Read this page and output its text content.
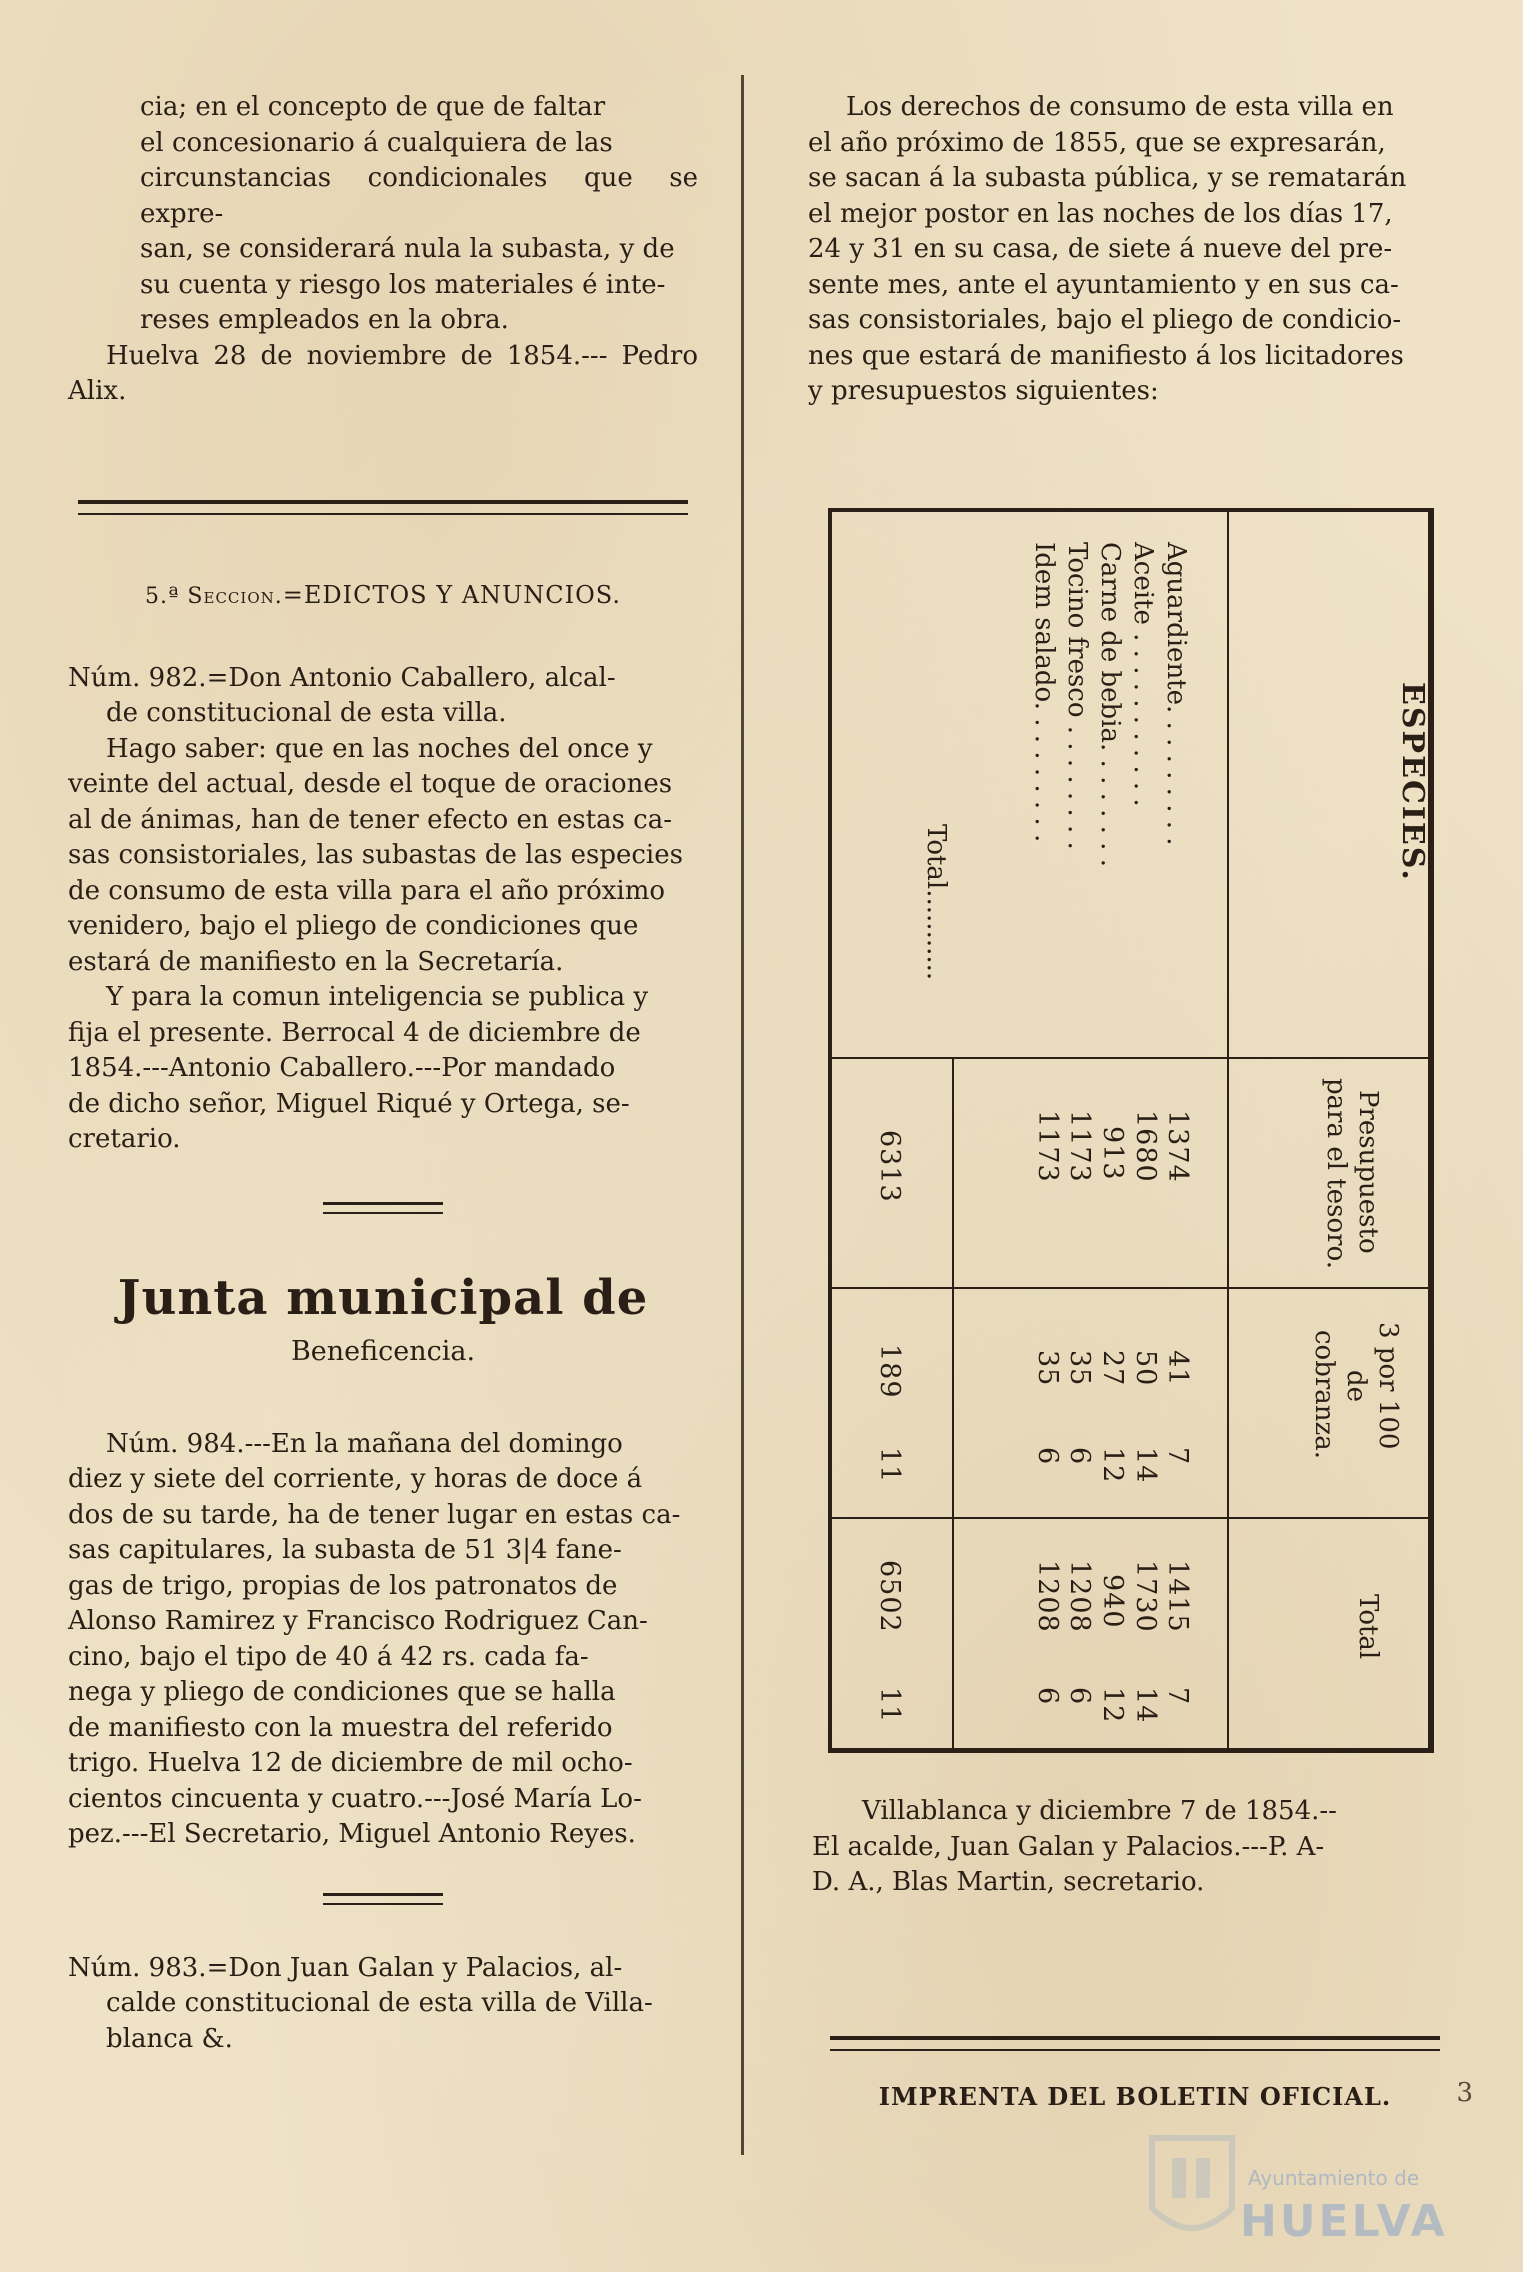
cia; en el concepto de que de faltar

el concesionario á cualquiera de las

circunstancias condicionales que se expre-

san, se considerará nula la subasta, y de

su cuenta y riesgo los materiales é inte-

reses empleados en la obra.

Huelva 28 de noviembre de 1854.--- Pedro Alix.

5.ª Seccion.=EDICTOS Y ANUNCIOS.

Núm. 982.=Don Antonio Caballero, alcal-

de constitucional de esta villa.

Hago saber: que en las noches del once y

veinte del actual, desde el toque de oraciones

al de ánimas, han de tener efecto en estas ca-

sas consistoriales, las subastas de las especies

de consumo de esta villa para el año próximo

venidero, bajo el pliego de condiciones que

estará de manifiesto en la Secretaría.

Y para la comun inteligencia se publica y

fija el presente. Berrocal 4 de diciembre de

1854.---Antonio Caballero.---Por mandado

de dicho señor, Miguel Riqué y Ortega, se-

cretario.

Junta municipal de

Beneficencia.

Núm. 984.---En la mañana del domingo

diez y siete del corriente, y horas de doce á

dos de su tarde, ha de tener lugar en estas ca-

sas capitulares, la subasta de 51 3|4 fane-

gas de trigo, propias de los patronatos de

Alonso Ramirez y Francisco Rodriguez Can-

cino, bajo el tipo de 40 á 42 rs. cada fa-

nega y pliego de condiciones que se halla

de manifiesto con la muestra del referido

trigo. Huelva 12 de diciembre de mil ocho-

cientos cincuenta y cuatro.---José María Lo-

pez.---El Secretario, Miguel Antonio Reyes.

Núm. 983.=Don Juan Galan y Palacios, al-

calde constitucional de esta villa de Villa-

blanca &.

Los derechos de consumo de esta villa en

el año próximo de 1855, que se expresarán,

se sacan á la subasta pública, y se rematarán

el mejor postor en las noches de los días 17,

24 y 31 en su casa, de siete á nueve del pre-

sente mes, ante el ayuntamiento y en sus ca-

sas consistoriales, bajo el pliego de condicio-

nes que estará de manifiesto á los licitadores

y presupuestos siguientes:

ESPECIES.
Aguardiente. . . . . . . . .
Aceite . . . . . . . . . . .
Carne de bebia. . . . . . . .
Tocino fresco . . . . . . . .
Idem salado. . . . . . . . .
Total...........
Presupuesto
para el tesoro.
1374
1680
913
1173
1173
6313
3 por 100
de
cobranza.
41
50
27
35
35
7
14
12
6
6
189
11
Total
1415
1730
940
1208
1208
7
14
12
6
6
6502
11

Villablanca y diciembre 7 de 1854.--

El acalde, Juan Galan y Palacios.---P. A-

D. A., Blas Martin, secretario.

IMPRENTA DEL BOLETIN OFICIAL.	3

Ayuntamiento de
HUELVA
